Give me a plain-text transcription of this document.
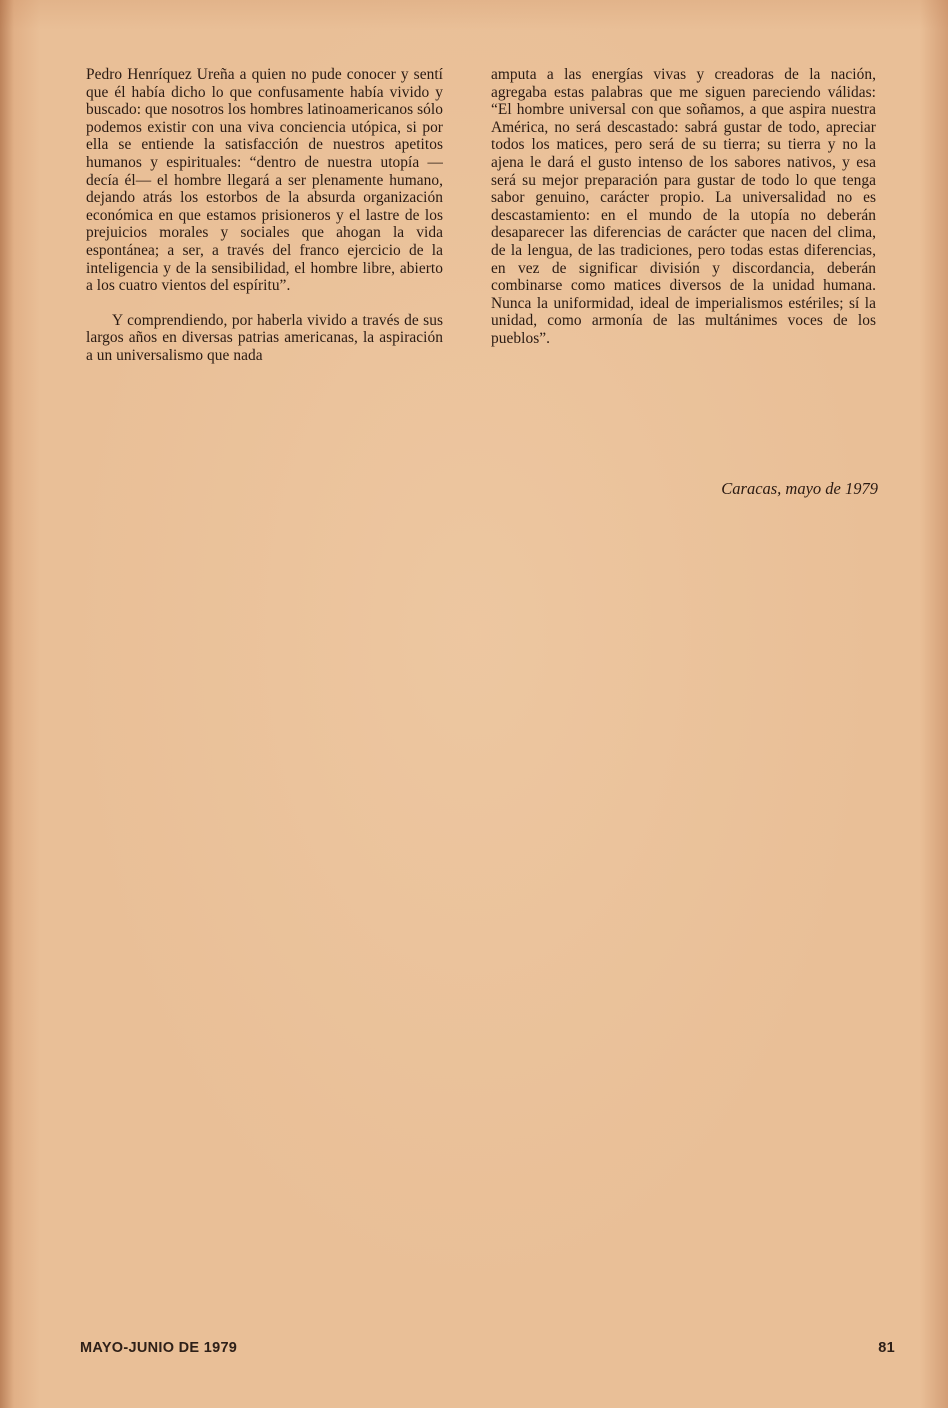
Pedro Henríquez Ureña a quien no pude conocer y sentí que él había dicho lo que confusamente había vivido y buscado: que nosotros los hombres latinoamericanos sólo podemos existir con una viva conciencia utópica, si por ella se entiende la satisfacción de nuestros apetitos humanos y espirituales: “dentro de nuestra utopía —decía él— el hombre llegará a ser plenamente humano, dejando atrás los estorbos de la absurda organización económica en que estamos prisioneros y el lastre de los prejuicios morales y sociales que ahogan la vida espontánea; a ser, a través del franco ejercicio de la inteligencia y de la sensibilidad, el hombre libre, abierto a los cuatro vientos del espíritu”.

Y comprendiendo, por haberla vivido a través de sus largos años en diversas patrias americanas, la aspiración a un universalismo que nada

amputa a las energías vivas y creadoras de la nación, agregaba estas palabras que me siguen pareciendo válidas: “El hombre universal con que soñamos, a que aspira nuestra América, no será descastado: sabrá gustar de todo, apreciar todos los matices, pero será de su tierra; su tierra y no la ajena le dará el gusto intenso de los sabores nativos, y esa será su mejor preparación para gustar de todo lo que tenga sabor genuino, carácter propio. La universalidad no es descastamiento: en el mundo de la utopía no deberán desaparecer las diferencias de carácter que nacen del clima, de la lengua, de las tradiciones, pero todas estas diferencias, en vez de significar división y discordancia, deberán combinarse como matices diversos de la unidad humana. Nunca la uniformidad, ideal de imperialismos estériles; sí la unidad, como armonía de las multánimes voces de los pueblos”.

Caracas, mayo de 1979
MAYO-JUNIO DE 1979	81
